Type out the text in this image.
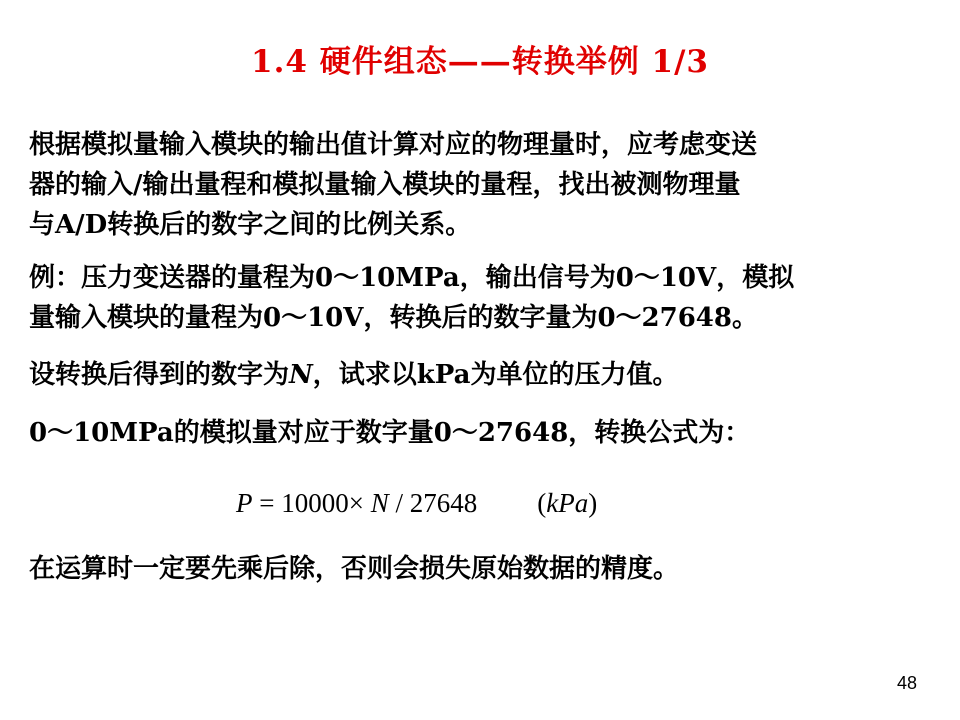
1.4 硬件组态——转换举例 1/3
根据模拟量输入模块的输出值计算对应的物理量时，应考虑变送
器的输入/输出量程和模拟量输入模块的量程，找出被测物理量
与A/D转换后的数字之间的比例关系。
例：压力变送器的量程为0～10MPa，输出信号为0～10V，模拟
量输入模块的量程为0～10V，转换后的数字量为0～27648。
设转换后得到的数字为N，试求以kPa为单位的压力值。
0～10MPa的模拟量对应于数字量0～27648，转换公式为：
P = 10000× N / 27648 (kPa)
在运算时一定要先乘后除，否则会损失原始数据的精度。
48
